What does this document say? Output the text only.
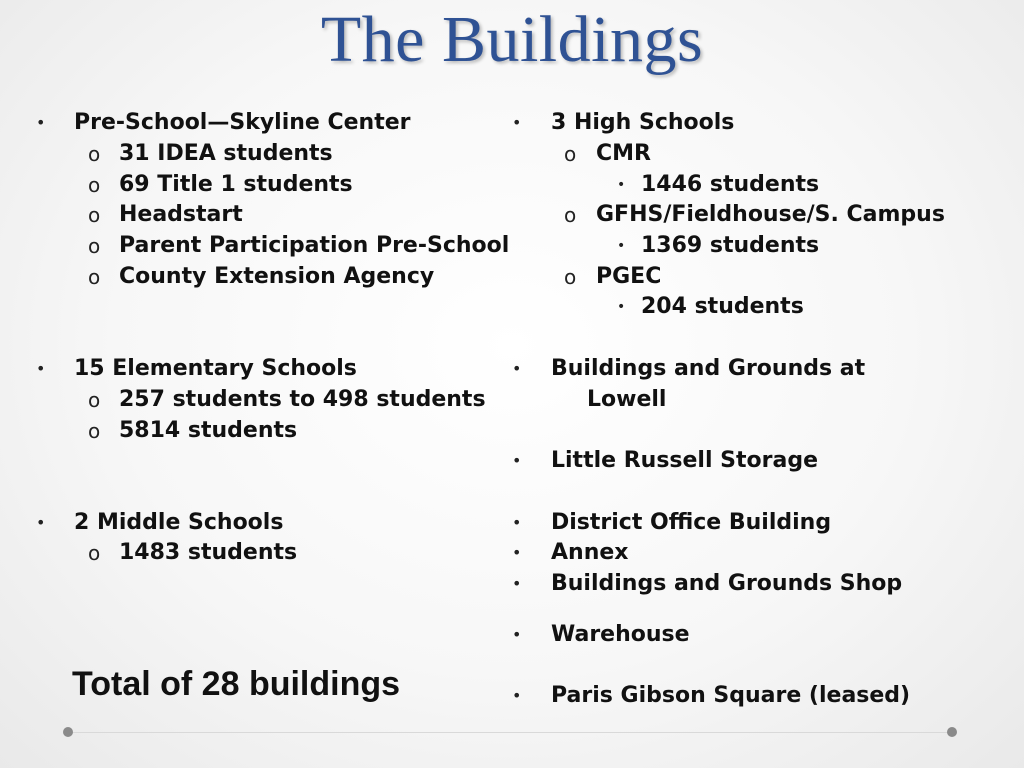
The Buildings
• Pre-School—Skyline Center
o 31 IDEA students
o 69 Title 1 students
o Headstart
o Parent Participation Pre-School
o County Extension Agency
• 15 Elementary Schools
o 257 students to 498 students
o 5814 students
• 2 Middle Schools
o 1483 students
Total of 28 buildings
• 3 High Schools
o CMR
• 1446 students
o GFHS/Fieldhouse/S. Campus
• 1369 students
o PGEC
• 204 students
• Buildings and Grounds at
Lowell
• Little Russell Storage
• District Office Building
• Annex
• Buildings and Grounds Shop
• Warehouse
• Paris Gibson Square (leased)
